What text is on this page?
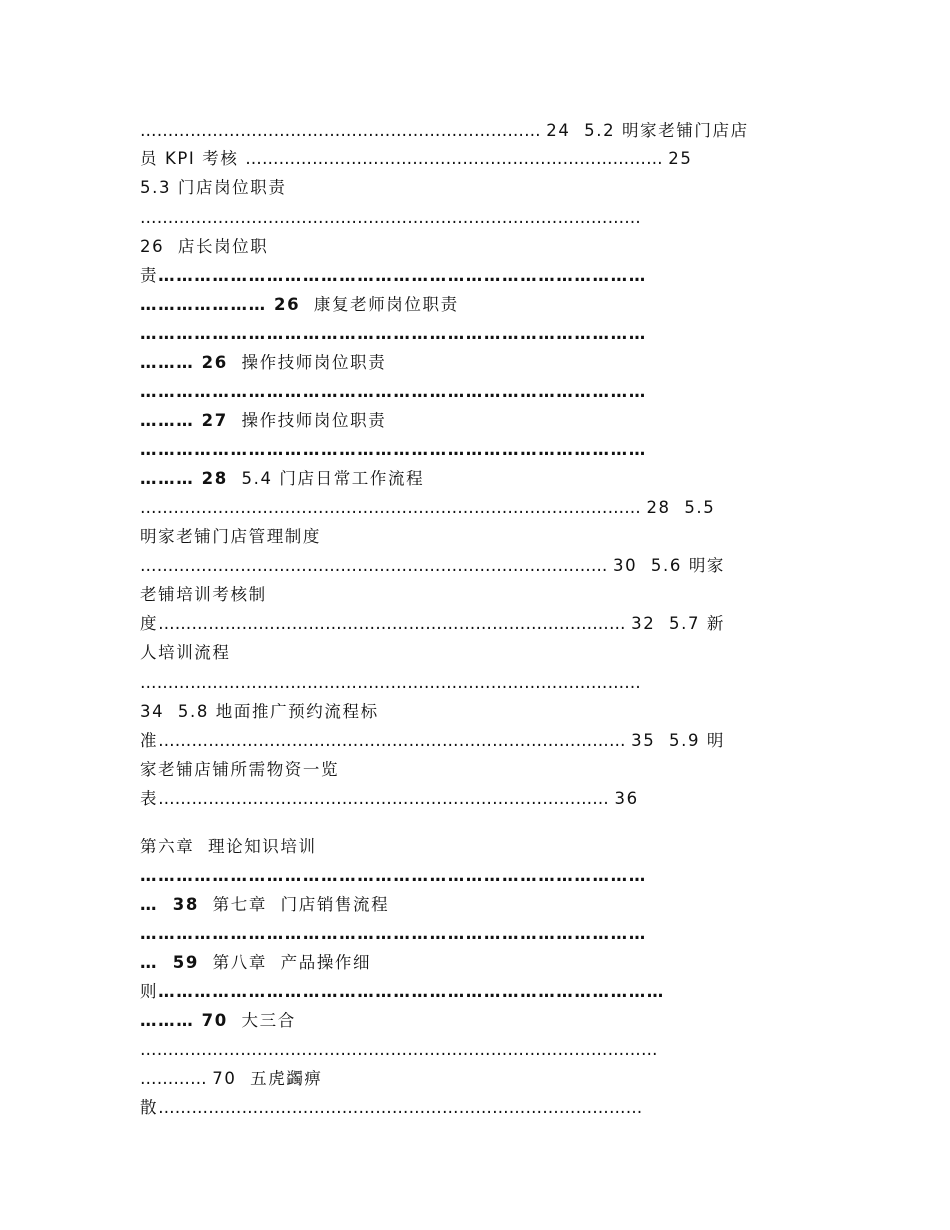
……………………………………………………………… 24  5.2 明家老铺门店店
员 KPI 考核 ………………………………………………………………… 25
5.3 门店岗位职责
………………………………………………………………………………
26  店长岗位职
责………………………………………………………………………
………………… 26  康复老师岗位职责
…………………………………………………………………………
……… 26  操作技师岗位职责
…………………………………………………………………………
……… 27  操作技师岗位职责
…………………………………………………………………………
……… 28  5.4 门店日常工作流程
……………………………………………………………………………… 28  5.5
明家老铺门店管理制度
………………………………………………………………………… 30  5.6 明家
老铺培训考核制
度………………………………………………………………………… 32  5.7 新
人培训流程
………………………………………………………………………………
34  5.8 地面推广预约流程标
准………………………………………………………………………… 35  5.9 明
家老铺店铺所需物资一览
表……………………………………………………………………… 36
第六章  理论知识培训
…………………………………………………………………………
…  38  第七章  门店销售流程
…………………………………………………………………………
…  59  第八章  产品操作细
则…………………………………………………………………………
……… 70  大三合
…………………………………………………………………………………
………… 70  五虎蠲痹
散……………………………………………………………………………
